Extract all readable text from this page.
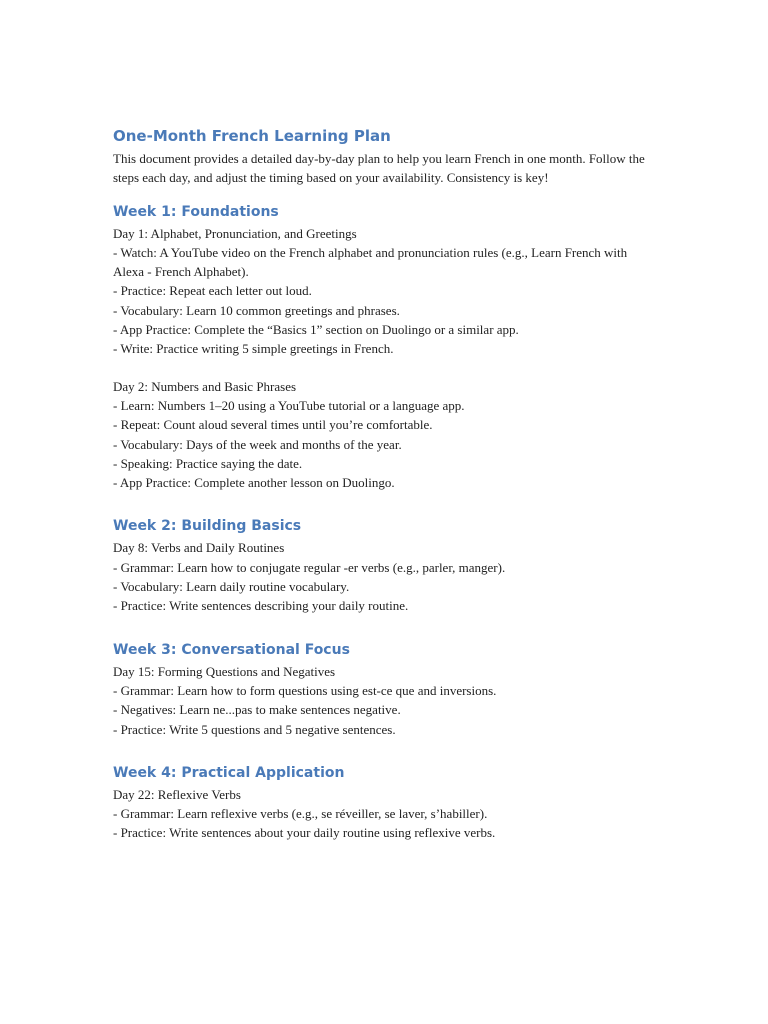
One-Month French Learning Plan

This document provides a detailed day-by-day plan to help you learn French in one month. Follow the steps each day, and adjust the timing based on your availability. Consistency is key!

Week 1: Foundations
Day 1: Alphabet, Pronunciation, and Greetings
- Watch: A YouTube video on the French alphabet and pronunciation rules (e.g., Learn French with Alexa - French Alphabet).
- Practice: Repeat each letter out loud.
- Vocabulary: Learn 10 common greetings and phrases.
- App Practice: Complete the “Basics 1” section on Duolingo or a similar app.
- Write: Practice writing 5 simple greetings in French.
Day 2: Numbers and Basic Phrases
- Learn: Numbers 1–20 using a YouTube tutorial or a language app.
- Repeat: Count aloud several times until you’re comfortable.
- Vocabulary: Days of the week and months of the year.
- Speaking: Practice saying the date.
- App Practice: Complete another lesson on Duolingo.
Week 2: Building Basics
Day 8: Verbs and Daily Routines
- Grammar: Learn how to conjugate regular -er verbs (e.g., parler, manger).
- Vocabulary: Learn daily routine vocabulary.
- Practice: Write sentences describing your daily routine.
Week 3: Conversational Focus
Day 15: Forming Questions and Negatives
- Grammar: Learn how to form questions using est-ce que and inversions.
- Negatives: Learn ne...pas to make sentences negative.
- Practice: Write 5 questions and 5 negative sentences.
Week 4: Practical Application
Day 22: Reflexive Verbs
- Grammar: Learn reflexive verbs (e.g., se réveiller, se laver, s’habiller).
- Practice: Write sentences about your daily routine using reflexive verbs.
